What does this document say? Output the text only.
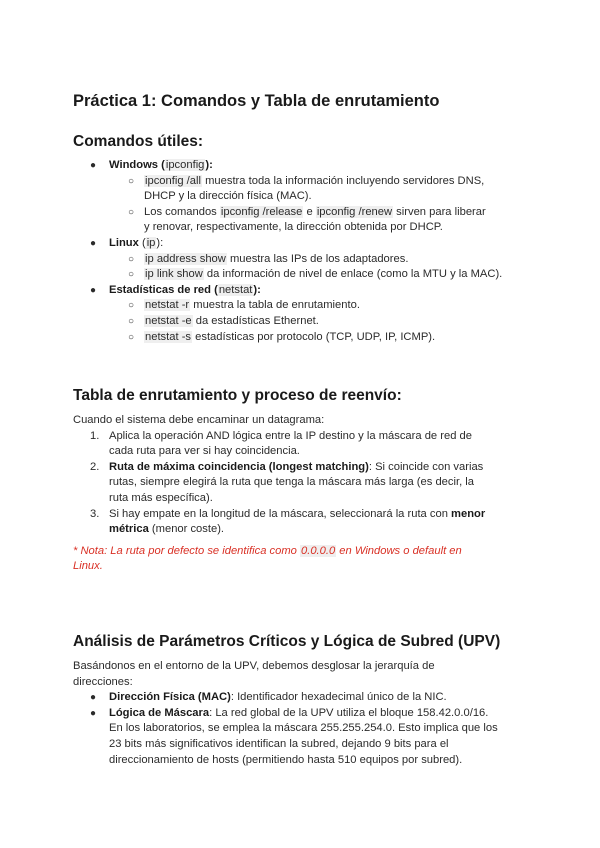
Práctica 1: Comandos y Tabla de enrutamiento
Comandos útiles:
● Windows (ipconfig):
○ ipconfig /all muestra toda la información incluyendo servidores DNS,
DHCP y la dirección física (MAC).
○ Los comandos ipconfig /release e ipconfig /renew sirven para liberar
y renovar, respectivamente, la dirección obtenida por DHCP.
● Linux (ip):
○ ip address show muestra las IPs de los adaptadores.
○ ip link show da información de nivel de enlace (como la MTU y la MAC).
● Estadísticas de red (netstat):
○ netstat -r muestra la tabla de enrutamiento.
○ netstat -e da estadísticas Ethernet.
○ netstat -s estadísticas por protocolo (TCP, UDP, IP, ICMP).
Tabla de enrutamiento y proceso de reenvío:
Cuando el sistema debe encaminar un datagrama:
1. Aplica la operación AND lógica entre la IP destino y la máscara de red de
cada ruta para ver si hay coincidencia.
2. Ruta de máxima coincidencia (longest matching): Si coincide con varias
rutas, siempre elegirá la ruta que tenga la máscara más larga (es decir, la
ruta más específica).
3. Si hay empate en la longitud de la máscara, seleccionará la ruta con menor
métrica (menor coste).
* Nota: La ruta por defecto se identifica como 0.0.0.0 en Windows o default en
Linux.
Análisis de Parámetros Críticos y Lógica de Subred (UPV)
Basándonos en el entorno de la UPV, debemos desglosar la jerarquía de
direcciones:
● Dirección Física (MAC): Identificador hexadecimal único de la NIC.
● Lógica de Máscara: La red global de la UPV utiliza el bloque 158.42.0.0/16.
En los laboratorios, se emplea la máscara 255.255.254.0. Esto implica que los
23 bits más significativos identifican la subred, dejando 9 bits para el
direccionamiento de hosts (permitiendo hasta 510 equipos por subred).
